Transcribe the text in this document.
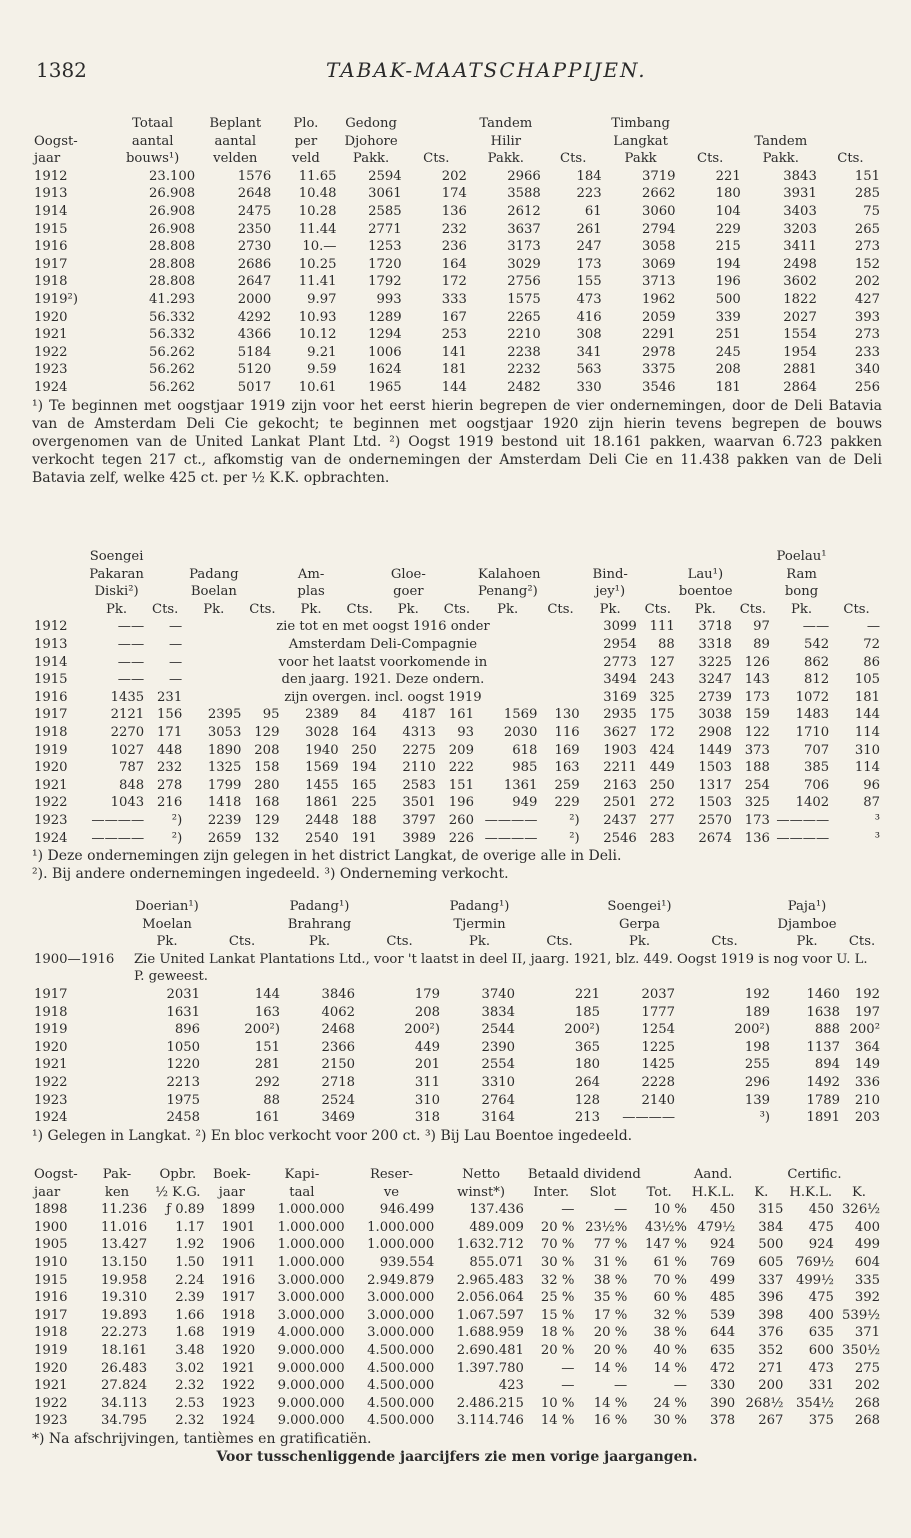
1382	TABAK-MAATSCHAPPIJEN.
	Totaal	Beplant	Plo.	Gedong		Tandem		Timbang			
Oogst-	aantal	aantal	per	Djohore		Hilir		Langkat		Tandem	
jaar	bouws¹)	velden	veld	Pakk.	Cts.	Pakk.	Cts.	Pakk	Cts.	Pakk.	Cts.
1912	23.100	1576	11.65	2594	202	2966	184	3719	221	3843	151
1913	26.908	2648	10.48	3061	174	3588	223	2662	180	3931	285
1914	26.908	2475	10.28	2585	136	2612	61	3060	104	3403	75
1915	26.908	2350	11.44	2771	232	3637	261	2794	229	3203	265
1916	28.808	2730	10.—	1253	236	3173	247	3058	215	3411	273
1917	28.808	2686	10.25	1720	164	3029	173	3069	194	2498	152
1918	28.808	2647	11.41	1792	172	2756	155	3713	196	3602	202
1919²)	41.293	2000	9.97	993	333	1575	473	1962	500	1822	427
1920	56.332	4292	10.93	1289	167	2265	416	2059	339	2027	393
1921	56.332	4366	10.12	1294	253	2210	308	2291	251	1554	273
1922	56.262	5184	9.21	1006	141	2238	341	2978	245	1954	233
1923	56.262	5120	9.59	1624	181	2232	563	3375	208	2881	340
1924	56.262	5017	10.61	1965	144	2482	330	3546	181	2864	256

¹) Te beginnen met oogstjaar 1919 zijn voor het eerst hierin begrepen de vier ondernemingen, door de Deli Batavia van de Amsterdam Deli Cie gekocht; te beginnen met oogstjaar 1920 zijn hierin tevens begrepen de bouws overgenomen van de United Lankat Plant Ltd. ²) Oogst 1919 bestond uit 18.161 pakken, waarvan 6.723 pakken verkocht tegen 217 ct., afkomstig van de ondernemingen der Amsterdam Deli Cie en 11.438 pakken van de Deli Batavia zelf, welke 425 ct. per ½ K.K. opbrachten.

	Soengei														Poelau¹	
	Pakaran		Padang		Am-		Gloe-		Kalahoen		Bind-		Lau¹)		Ram	
	Diski²)		Boelan		plas		goer		Penang²)		jey¹)		boentoe		bong	
	Pk.	Cts.	Pk.	Cts.	Pk.	Cts.	Pk.	Cts.	Pk.	Cts.	Pk.	Cts.	Pk.	Cts.	Pk.	Cts.
1912	——	—	zie tot en met oogst 1916 onder								3099	111	3718	97	——	—
1913	——	—	Amsterdam Deli-Compagnie								2954	88	3318	89	542	72
1914	——	—	voor het laatst voorkomende in								2773	127	3225	126	862	86
1915	——	—	den jaarg. 1921. Deze ondern.								3494	243	3247	143	812	105
1916	1435	231	zijn overgen. incl. oogst 1919								3169	325	2739	173	1072	181
1917	2121	156	2395	95	2389	84	4187	161	1569	130	2935	175	3038	159	1483	144
1918	2270	171	3053	129	3028	164	4313	93	2030	116	3627	172	2908	122	1710	114
1919	1027	448	1890	208	1940	250	2275	209	618	169	1903	424	1449	373	707	310
1920	787	232	1325	158	1569	194	2110	222	985	163	2211	449	1503	188	385	114
1921	848	278	1799	280	1455	165	2583	151	1361	259	2163	250	1317	254	706	96
1922	1043	216	1418	168	1861	225	3501	196	949	229	2501	272	1503	325	1402	87
1923	————	²)	2239	129	2448	188	3797	260	————	²)	2437	277	2570	173	————	³
1924	————	²)	2659	132	2540	191	3989	226	————	²)	2546	283	2674	136	————	³

¹) Deze ondernemingen zijn gelegen in het district Langkat, de overige alle in Deli.

²). Bij andere ondernemingen ingedeeld. ³) Onderneming verkocht.

	Doerian¹)		Padang¹)		Padang¹)		Soengei¹)		Paja¹)	
	Moelan		Brahrang		Tjermin		Gerpa		Djamboe	
	Pk.	Cts.	Pk.	Cts.	Pk.	Cts.	Pk.	Cts.	Pk.	Cts.
1900—1916	Zie United Lankat Plantations Ltd., voor 't laatst in deel II, jaarg. 1921, blz. 449. Oogst 1919 is nog voor U. L. P. geweest.									
1917	2031	144	3846	179	3740	221	2037	192	1460	192
1918	1631	163	4062	208	3834	185	1777	189	1638	197
1919	896	200²)	2468	200²)	2544	200²)	1254	200²)	888	200²
1920	1050	151	2366	449	2390	365	1225	198	1137	364
1921	1220	281	2150	201	2554	180	1425	255	894	149
1922	2213	292	2718	311	3310	264	2228	296	1492	336
1923	1975	88	2524	310	2764	128	2140	139	1789	210
1924	2458	161	3469	318	3164	213	————	³)	1891	203

¹) Gelegen in Langkat. ²) En bloc verkocht voor 200 ct. ³) Bij Lau Boentoe ingedeeld.

Oogst-	Pak-	Opbr.	Boek-	Kapi-	Reser-	Netto	Betaald dividend			Aand.		Certific.	
jaar	ken	½ K.G.	jaar	taal	ve	winst*)	Inter.	Slot	Tot.	H.K.L.	K.	H.K.L.	K.
1898	11.236	ƒ 0.89	1899	1.000.000	946.499	137.436	—	—	10 %	450	315	450	326½
1900	11.016	1.17	1901	1.000.000	1.000.000	489.009	20 %	23½%	43½%	479½	384	475	400
1905	13.427	1.92	1906	1.000.000	1.000.000	1.632.712	70 %	77 %	147 %	924	500	924	499
1910	13.150	1.50	1911	1.000.000	939.554	855.071	30 %	31 %	61 %	769	605	769½	604
1915	19.958	2.24	1916	3.000.000	2.949.879	2.965.483	32 %	38 %	70 %	499	337	499½	335
1916	19.310	2.39	1917	3.000.000	3.000.000	2.056.064	25 %	35 %	60 %	485	396	475	392
1917	19.893	1.66	1918	3.000.000	3.000.000	1.067.597	15 %	17 %	32 %	539	398	400	539½
1918	22.273	1.68	1919	4.000.000	3.000.000	1.688.959	18 %	20 %	38 %	644	376	635	371
1919	18.161	3.48	1920	9.000.000	4.500.000	2.690.481	20 %	20 %	40 %	635	352	600	350½
1920	26.483	3.02	1921	9.000.000	4.500.000	1.397.780	—	14 %	14 %	472	271	473	275
1921	27.824	2.32	1922	9.000.000	4.500.000	423	—	—	—	330	200	331	202
1922	34.113	2.53	1923	9.000.000	4.500.000	2.486.215	10 %	14 %	24 %	390	268½	354½	268
1923	34.795	2.32	1924	9.000.000	4.500.000	3.114.746	14 %	16 %	30 %	378	267	375	268

*) Na afschrijvingen, tantièmes en gratificatiën.

Voor tusschenliggende jaarcijfers zie men vorige jaargangen.
